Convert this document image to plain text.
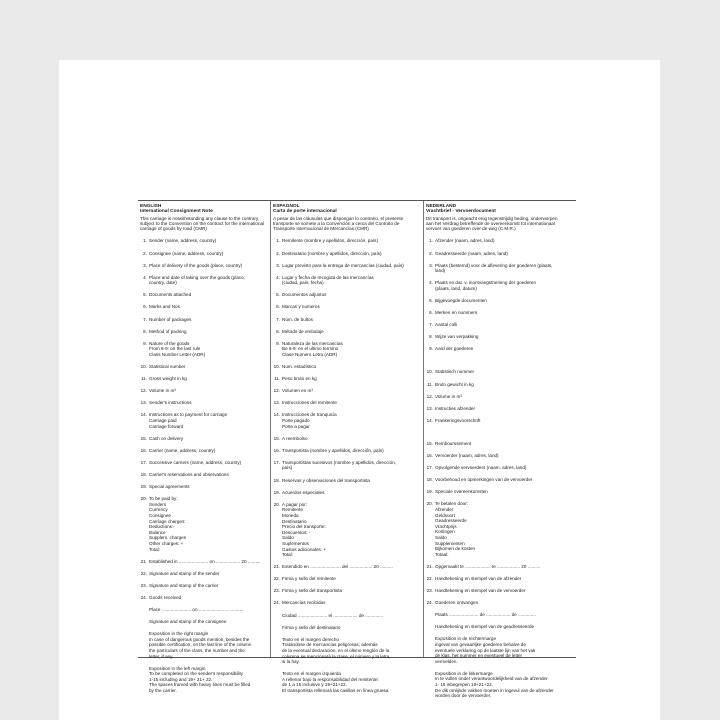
ENGLISH
International Consignment Note
This carriage is notwithstanding any clause to the contrary, subject to the Convention on the contract for the international carriage of goods by road (CMR)
1. Sender (name, address, country)
2. Consignee (name, address, country)
3. Place of delivery of the goods (place, country)
4. Place and date of taking over the goods (place,
country, date)
5. Documents attached
6. Marks and Nos
7. Number of packages
8. Method of packing
9. Nature of the goods
From 6-9: on the last rule
Class Number Letter (ADR)
10. Statistical number
11. Gross weight in kg
12. Volume in m³
13. Sender's instructions
14. Instructions as to payment for carriage
Carriage paid
Carriage forward
15. Cash on delivery
16. Carrier (name, address, country)
17. Successive carriers (name, address, country)
18. Carrier's reservations and observations
19. Special agreements
20. To be paid by:
Senders
Currency
Consignee
Carriage charges:
Deductions:-
Balance
Supplem. charges
Other charges: +
Total:
21. Established in ....................... on ................... 20 ..........
22. Signature and stamp of the sender
23. Signature and stamp of the carrier
24. Goods received
Place ....................... on........................ ...........
Signature and stamp of the consignee
Exposition in the right margin
In case of dangerous goods mention, besides the
possible certification, on the last line of the column
the particulars of the class, the number and the
letter, if any.
Exposition in the left margin
To be completed on the sender's responsibility
1-15 including and 19+ 21+ 22.
The spaces framed with heavy lines must be filled
by the carrier.
ESPAGNOL
Carta de porte internacional
A pesar de las cláusulas que dispongan lo contrario, el presente transporte se somete a la Convención a cerca del Contrato de Transporte Internacional de Mercancías (CMR)
1. Remitente (nombre y apellidos, dirección, país)
2. Destinatario (nombre y apellidos, dirección, país)
3. Lugar previsto para la entrega de mercancías (ciudad, país)
4. Lugar y fecha de recogida de las mercancías
(ciudad, país, fecha)
5. Documentos adjuntos
6. Marcas y numeros
7. Núm. de bultos
8. Método de embalaje
9. Naturaleza de las mercancías
Be 6-9: en el ultimo termino
Clase Numero Letra (ADR)
10. Num. estadístico
11. Peso bruto en kg
12. Volumen en m³
13. Instrucciones del remitente
14. Instrucciones de tranquicia
Porte pagado
Porte a pagar
15. A reembolso
16. Transportista (nombre y apellidos, direcciôn, país)
17. Transportistas sucesivos (nombre y apellidos, dirección, país)
18. Reservas y observaciones del transportista
19. Acuerdos especiales
20. A pagar por:
Remitente
Moneda
Destinatario
Precio del transporte:
Descuentos: -
Saldo
Suplementos
Gastos adicionales: +
Total:
21. Extendido en ........................ del .................. 20 ..........
22. Firma y sello del remitente
23. Firma y sello del transportista
24. Mercancías recibidas
Ciudad ....................... el ................... de ..............
Firma y sello del destinatario
Texto en el margen derecho
Tratándose de mercancías peligrosas; además
de la eventual declaracion, en el último renglón de la
columna se mencionará la clase, el número y la letra,
si la hay.
Texto en el margen izquierda
A rellenar bajo la responsabilidad del remitente:
de 1 a 15 inclusive y 19+21+22.
El transportista rellenará las casillas en línea gruesa.
NEDERLAND
Vrachtbrief - Vervoerdocument
Dit transport is, ongeacht enig tegenstrijdig beding, onderworpen aan het Verdrag betreffende de overeenkomst tot internationaal vervoer van goederen over de weg (C.M.R.)
1. Afzender (naam, adres, land)
2. Geadresseerde (naam, adres, land)
3. Plaats (bestemd) voor de aflevering der goederen (plaats, land)
4. Plaats en dat. v. inontvangstneming der goederen
(plaats, land, datum)
5. Bijgevoegde documenten
6. Merken en nummers
7. Aantal colli
8. Wijze van verpakking
9. Aard der goederen
10. Statistisch nummer
11. Bruto gewicht in kg
12. Volume in m³
13. Instructies afzender
14. Frankeringsvoorschrift
15. Rembourssement
16. Vervoerder (naam, adres, land)
17. Opvolgende vervoerders (naam, adres, land)
18. Voorbehoud en opmerkingen van de vervoerder
19. Speciale overeenkomsten
20. Te betalen door:
Afzender
Geldsoort
Geadresseerde
Vrachtprijs
Kortingen
Saldo
Supplementen
Bijkomen de kosten
Totaal:
21. Opgemaakt te .................... te .................. 20 ..........
22. Handtekening en stempel van de afzender
23. Handtekening en stempel van de vervoerder
24. Goederen ontvangen
Plaats ....................... de ................... de ..............
Handtekening en stempel van de geadresseerde
Exposition in de rechtermarge
ingeval van gevaarlijke goederen behalve de
eventuele verklaring op de laatste lijn van het vak
de klas, het nummer en eventueel de letter
vermelden.
Exposition in de linkermarge
In te vullen onder verantwoordelijkheid van de afzender
1- 15 inbegrepen 19+21+22.
De dik omlijnde vakken moeten in ingevul van de afzender
worden door de vervoerder.
